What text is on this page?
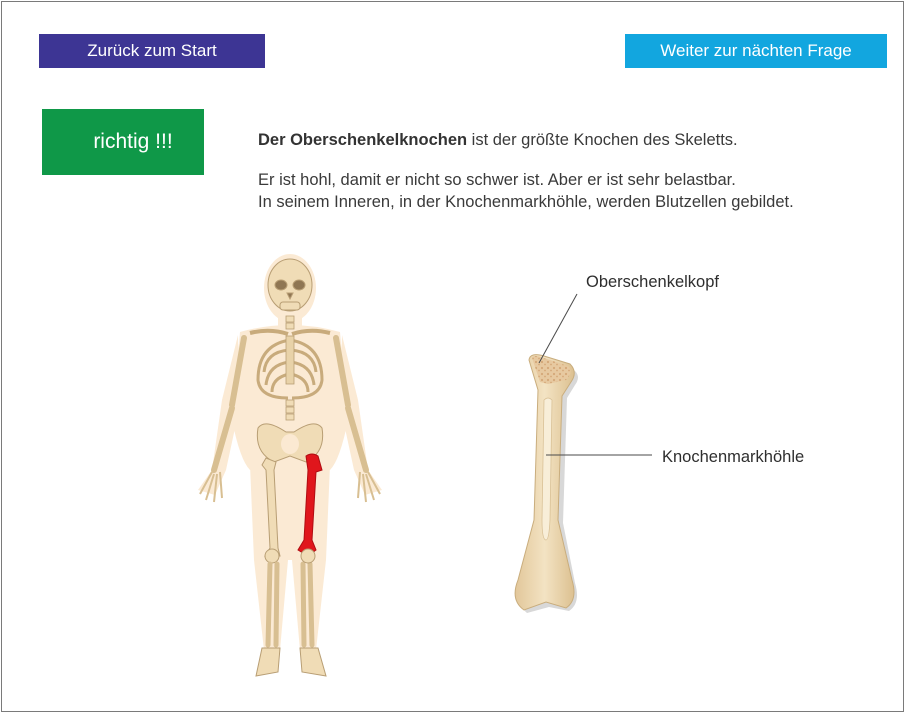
Zurück zum Start	Weiter zur nächten Frage
richtig !!!	Der Oberschenkelknochen ist der größte Knochen des Skeletts.

Er ist hohl, damit er nicht so schwer ist. Aber er ist sehr belastbar.

In seinem Inneren, in der Knochenmarkhöhle, werden Blutzellen gebildet.

Oberschenkelkopf
Knochenmarkhöhle
